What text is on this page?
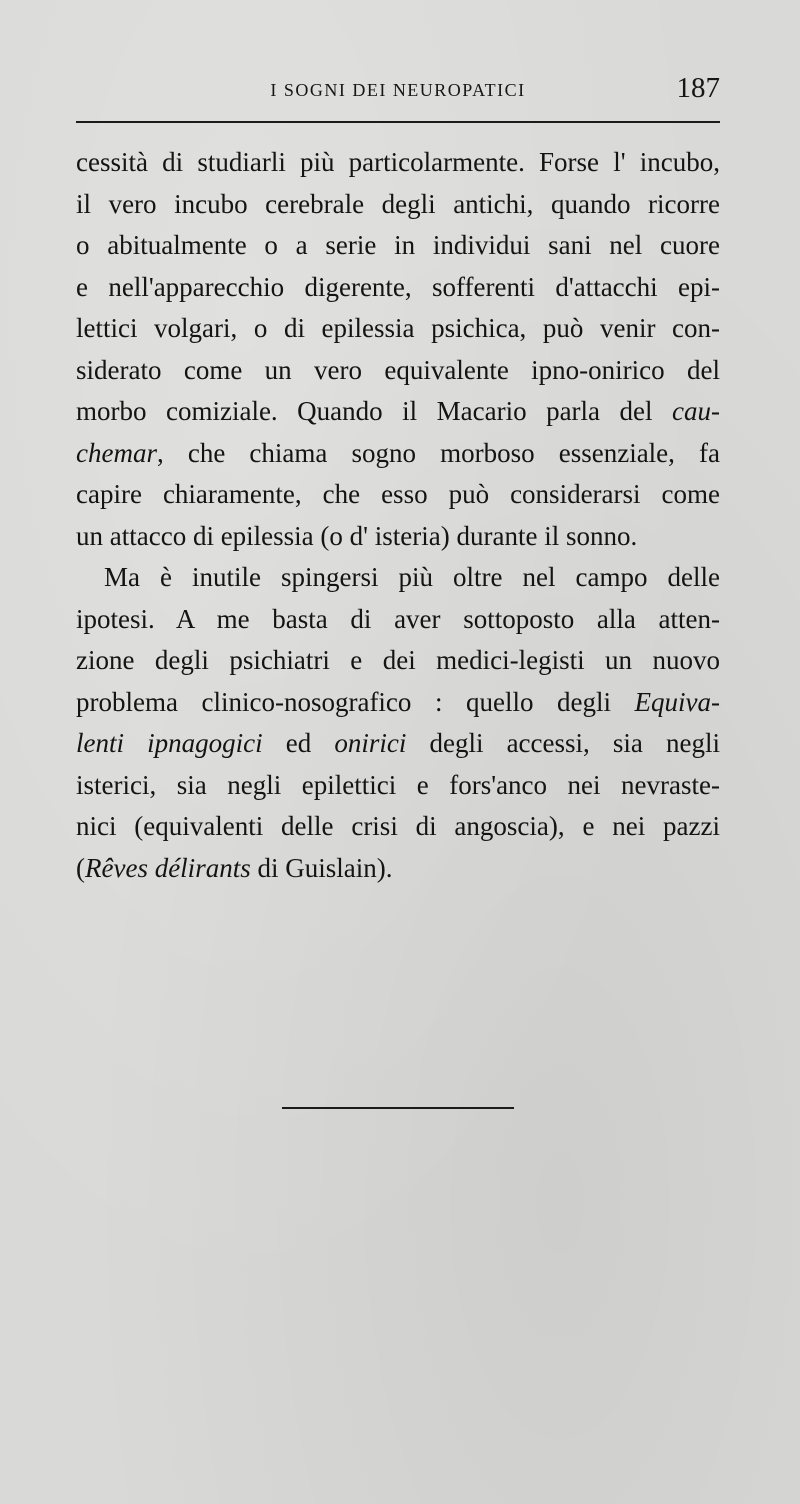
I SOGNI DEI NEUROPATICI	187
cessità di studiarli più particolarmente. Forse l' incubo,
il vero incubo cerebrale degli antichi, quando ricorre
o abitualmente o a serie in individui sani nel cuore
e nell'apparecchio digerente, sofferenti d'attacchi epi-
lettici volgari, o di epilessia psichica, può venir con-
siderato come un vero equivalente ipno-onirico del
morbo comiziale. Quando il Macario parla del cau-
chemar, che chiama sogno morboso essenziale, fa
capire chiaramente, che esso può considerarsi come
un attacco di epilessia (o d' isteria) durante il sonno.
Ma è inutile spingersi più oltre nel campo delle
ipotesi. A me basta di aver sottoposto alla atten-
zione degli psichiatri e dei medici-legisti un nuovo
problema clinico-nosografico : quello degli Equiva-
lenti ipnagogici ed onirici degli accessi, sia negli
isterici, sia negli epilettici e fors'anco nei nevraste-
nici (equivalenti delle crisi di angoscia), e nei pazzi
(Rêves délirants di Guislain).
